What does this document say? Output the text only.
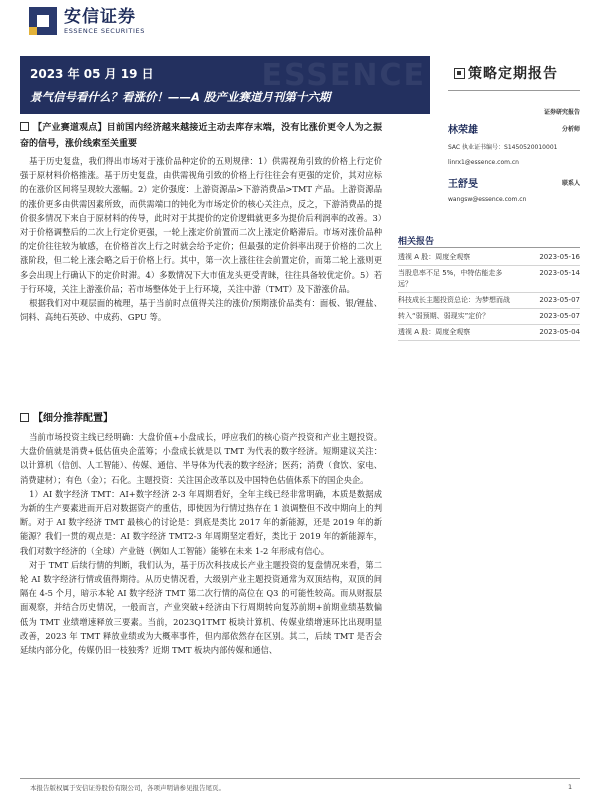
安信证券
ESSENCE SECURITIES
ESSENCE
2023 年 05 月 19 日
景气信号看什么？看涨价！——A 股产业赛道月刊第十六期
策略定期报告
证券研究报告
林荣雄	分析师
SAC 执业证书编号：S1450520010001
linrx1@essence.com.cn
王舒旻	联系人
wangsw@essence.com.cn
相关报告
透视 A 股：周度全观察	2023-05-16
当股息率不足 5%，中特估能走多远？
2023-05-14
科技成长主题投资总论：为梦想而战	2023-05-07
转入“弱预期、弱现实”定价？	2023-05-07
透视 A 股：周度全观察	2023-05-04
【产业赛道观点】目前国内经济越来越接近主动去库存末端，没有比涨价更令人为之振奋的信号，涨价线索至关重要
基于历史复盘，我们得出市场对于涨价品种定价的五则规律：1）供需视角引致的价格上行定价强于原材料价格推涨。基于历史复盘，由供需视角引致的价格上行往往会有更强的定价，其对应标的在涨价区间将呈现较大涨幅。2）定价强度：上游资源品>下游消费品>TMT 产品。上游资源品的涨价更多由供需因素所致，而供需端口的钝化为市场定价的核心关注点，反之，下游消费品的提价很多情况下来自于原材料的传导，此时对于其提价的定价逻辑就更多为提价后利润率的改善。3）对于价格调整后的二次上行定价更强，一轮上涨定价前置而二次上涨定价略滞后。市场对涨价品种的定价往往较为敏感，在价格首次上行之时就会给予定价；但最强的定价斜率出现于价格的二次上涨阶段，但二轮上涨会略之后于价格上行。其中，第一次上涨往往会前置定价，而第二轮上涨则更多会出现上行确认下的定价时滞。4）多数情况下大市值龙头更受青睐，往往具备较优定价。5）若于行环境，关注上游涨价品；若市场整体处于上行环境，关注中游（TMT）及下游涨价品。
根据我们对中观层面的梳理，基于当前时点值得关注的涨价/预期涨价品类有：面板、银/锂盐、饲料、高纯石英砂、中成药、GPU 等。
【细分推荐配置】
当前市场投资主线已经明确：大盘价值+小盘成长，呼应我们的核心资产投资和产业主题投资。大盘价值就是消费+低估值央企蓝筹；小盘成长就是以 TMT 为代表的数字经济。短期建议关注：以计算机（信创、人工智能）、传媒、通信、半导体为代表的数字经济；医药；消费（食饮、家电、消费建材）；有色（金）；石化。主题投资：关注国企改革以及中国特色估值体系下的国企央企。
1）AI 数字经济 TMT：AI+数字经济 2-3 年周期看好，全年主线已经非常明确，本质是数据成为新的生产要素进而开启对数据资产的重估，即使因为行情过热存在 1 浪调整但不改中期向上的判断。对于 AI 数字经济 TMT 最核心的讨论是：到底是类比 2017 年的新能源，还是 2019 年的新能源？我们一贯的观点是：AI 数字经济 TMT2-3 年周期坚定看好，类比于 2019 年的新能源车，我们对数字经济的（全球）产业链（例如人工智能）能够在未来 1-2 年形成有信心。
对于 TMT 后续行情的判断，我们认为，基于历次科技成长产业主题投资的复盘情况来看，第二轮 AI 数字经济行情或值得期待。从历史情况看，大级别产业主题投资通常为双顶结构，双顶的间隔在 4-5 个月，暗示本轮 AI 数字经济 TMT 第二次行情的高位在 Q3 的可能性较高。而从财报层面观察，并结合历史情况，一般而言，产业突破+经济由下行周期转向复苏前期+前期业绩基数偏低为 TMT 业绩增速释放三要素。当前，2023Q1TMT 板块计算机、传媒业绩增速环比出现明显改善，2023 年 TMT 释放业绩或为大概率事件，但内部依然存在区别。其二，后续 TMT 是否会延续内部分化，传媒仍旧一枝独秀？近期 TMT 板块内部传媒和通信、
本报告版权属于安信证券股份有限公司，各项声明请参见报告尾页。	1
